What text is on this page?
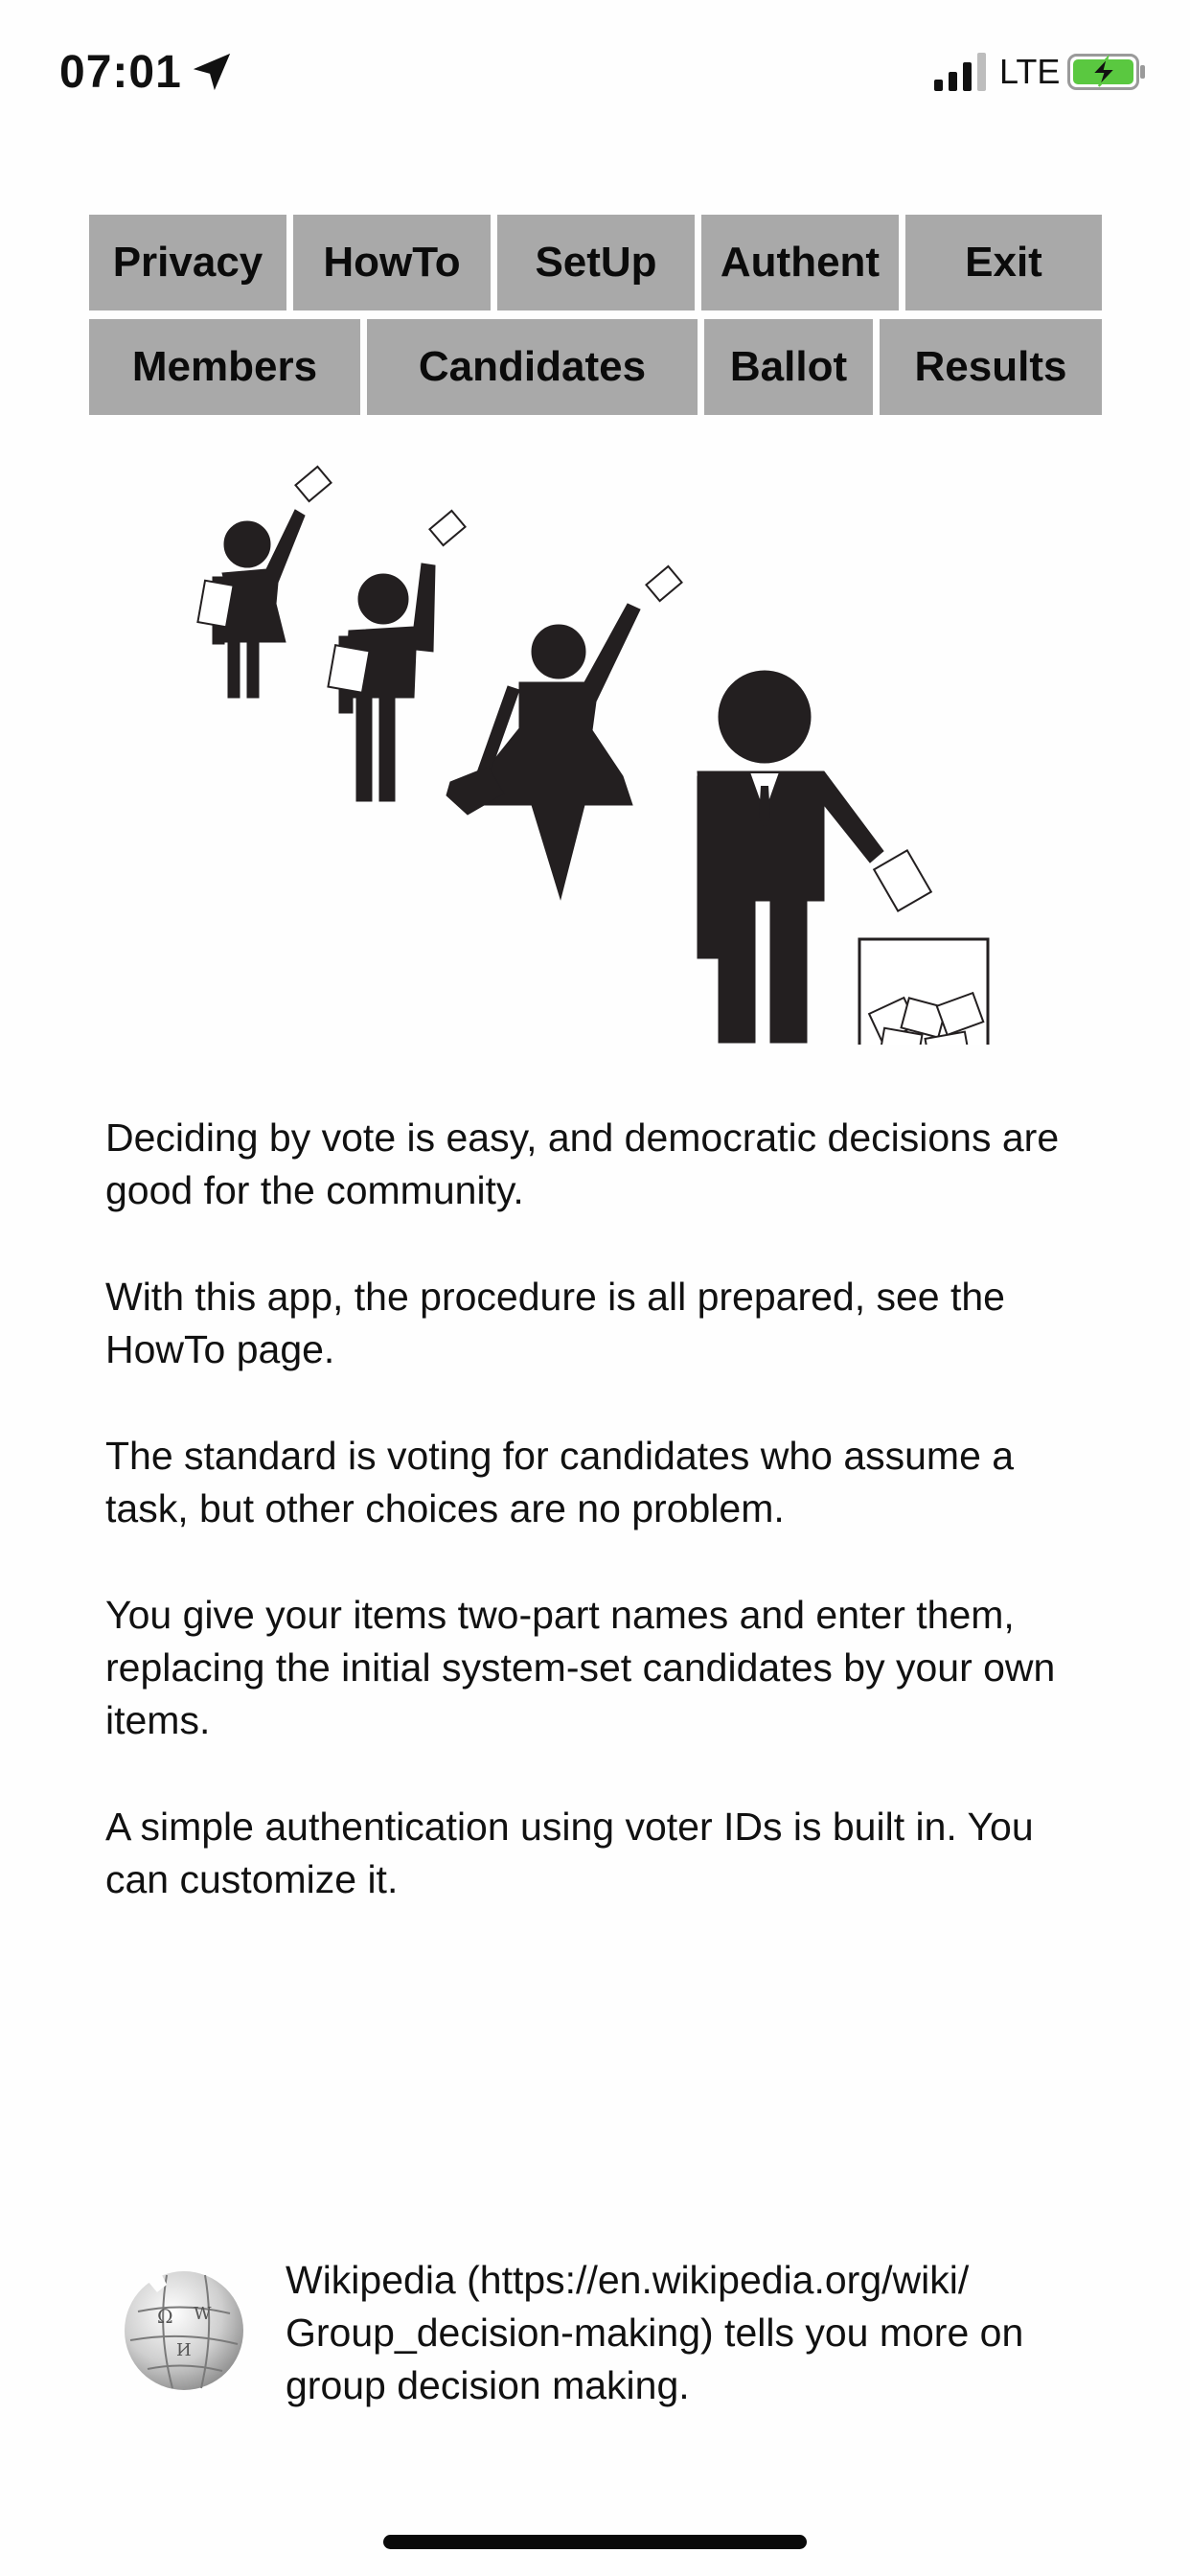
07:01	LTE
Privacy	HowTo	SetUp	Authent	Exit
Members	Candidates	Ballot	Results

Deciding by vote is easy, and democratic decisions are good for the community.

With this app, the procedure is all prepared, see the HowTo page.

The standard is voting for candidates who assume a task, but other choices are no problem.

You give your items two-part names and enter them, replacing the initial system-set candidates by your own items.

A simple authentication using voter IDs is built in. You can customize it.

Ω W
И
Wikipedia (https://en.wikipedia.org/wiki/ Group_decision-making) tells you more on group decision making.
